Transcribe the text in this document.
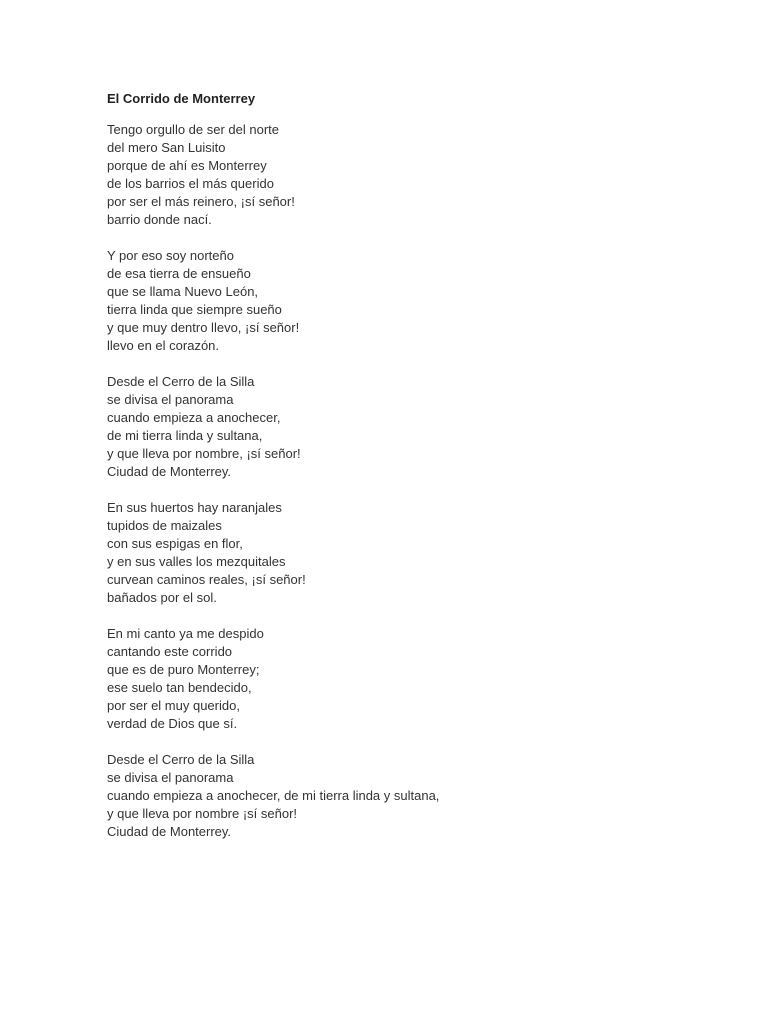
El Corrido de Monterrey
Tengo orgullo de ser del norte
del mero San Luisito
porque de ahí es Monterrey
de los barrios el más querido
por ser el más reinero, ¡sí señor!
barrio donde nací.
Y por eso soy norteño
de esa tierra de ensueño
que se llama Nuevo León,
tierra linda que siempre sueño
y que muy dentro llevo, ¡sí señor!
llevo en el corazón.
Desde el Cerro de la Silla
se divisa el panorama
cuando empieza a anochecer,
de mi tierra linda y sultana,
y que lleva por nombre, ¡sí señor!
Ciudad de Monterrey.
En sus huertos hay naranjales
tupidos de maizales
con sus espigas en flor,
y en sus valles los mezquitales
curvean caminos reales, ¡sí señor!
bañados por el sol.
En mi canto ya me despido
cantando este corrido
que es de puro Monterrey;
ese suelo tan bendecido,
por ser el muy querido,
verdad de Dios que sí.
Desde el Cerro de la Silla
se divisa el panorama
cuando empieza a anochecer, de mi tierra linda y sultana,
y que lleva por nombre ¡sí señor!
Ciudad de Monterrey.
